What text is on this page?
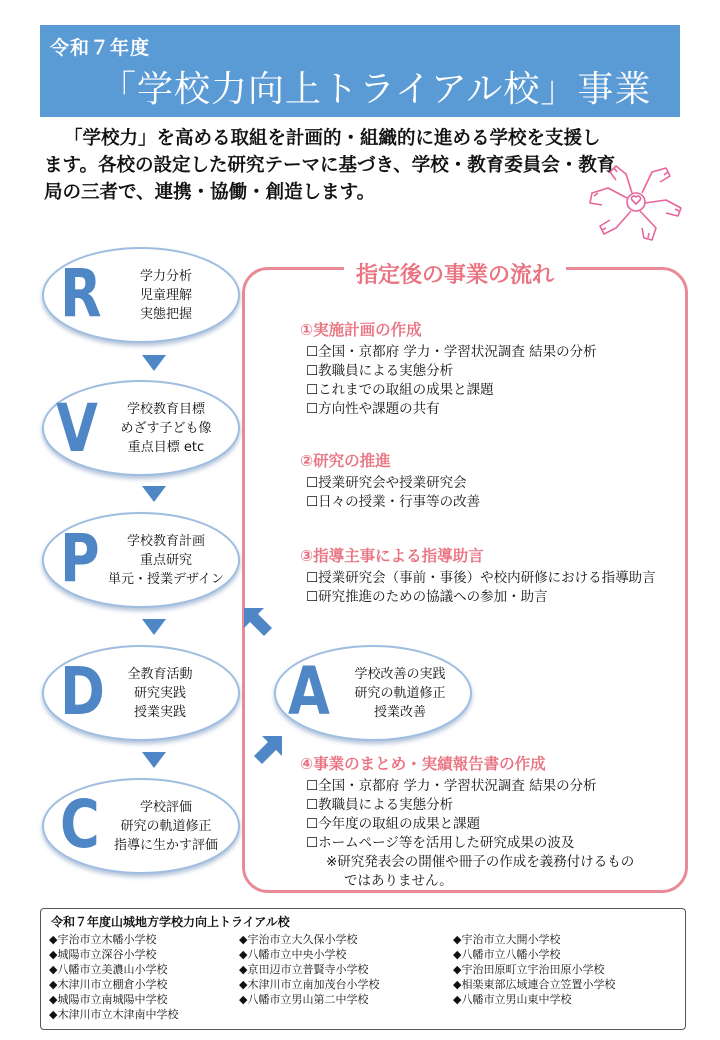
令和７年度
「学校力向上トライアル校」事業
「学校力」を高める取組を計画的・組織的に進める学校を支援し
ます。各校の設定した研究テーマに基づき、学校・教育委員会・教育
局の三者で、連携・協働・創造します。
指定後の事業の流れ
①実施計画の作成
☐全国・京都府 学力・学習状況調査 結果の分析
☐教職員による実態分析
☐これまでの取組の成果と課題
☐方向性や課題の共有
②研究の推進
☐授業研究会や授業研究会
☐日々の授業・行事等の改善
③指導主事による指導助言
☐授業研究会（事前・事後）や校内研修における指導助言
☐研究推進のための協議への参加・助言
④事業のまとめ・実績報告書の作成
☐全国・京都府 学力・学習状況調査 結果の分析
☐教職員による実態分析
☐今年度の取組の成果と課題
☐ホームページ等を活用した研究成果の波及
※研究発表会の開催や冊子の作成を義務付けるもの
ではありません。
R	学力分析
児童理解
実態把握
V	学校教育目標
めざす子ども像
重点目標 etc
P	学校教育計画
重点研究
単元・授業デザイン
D	全教育活動
研究実践
授業実践
C	学校評価
研究の軌道修正
指導に生かす評価
A	学校改善の実践
研究の軌道修正
授業改善
令和７年度山城地方学校力向上トライアル校
◆宇治市立木幡小学校	◆宇治市立大久保小学校	◆宇治市立大開小学校
◆城陽市立深谷小学校	◆八幡市立中央小学校	◆八幡市立八幡小学校
◆八幡市立美濃山小学校	◆京田辺市立普賢寺小学校	◆宇治田原町立宇治田原小学校
◆木津川市立棚倉小学校	◆木津川市立南加茂台小学校	◆相楽東部広域連合立笠置小学校
◆城陽市立南城陽中学校	◆八幡市立男山第二中学校	◆八幡市立男山東中学校
◆木津川市立木津南中学校
